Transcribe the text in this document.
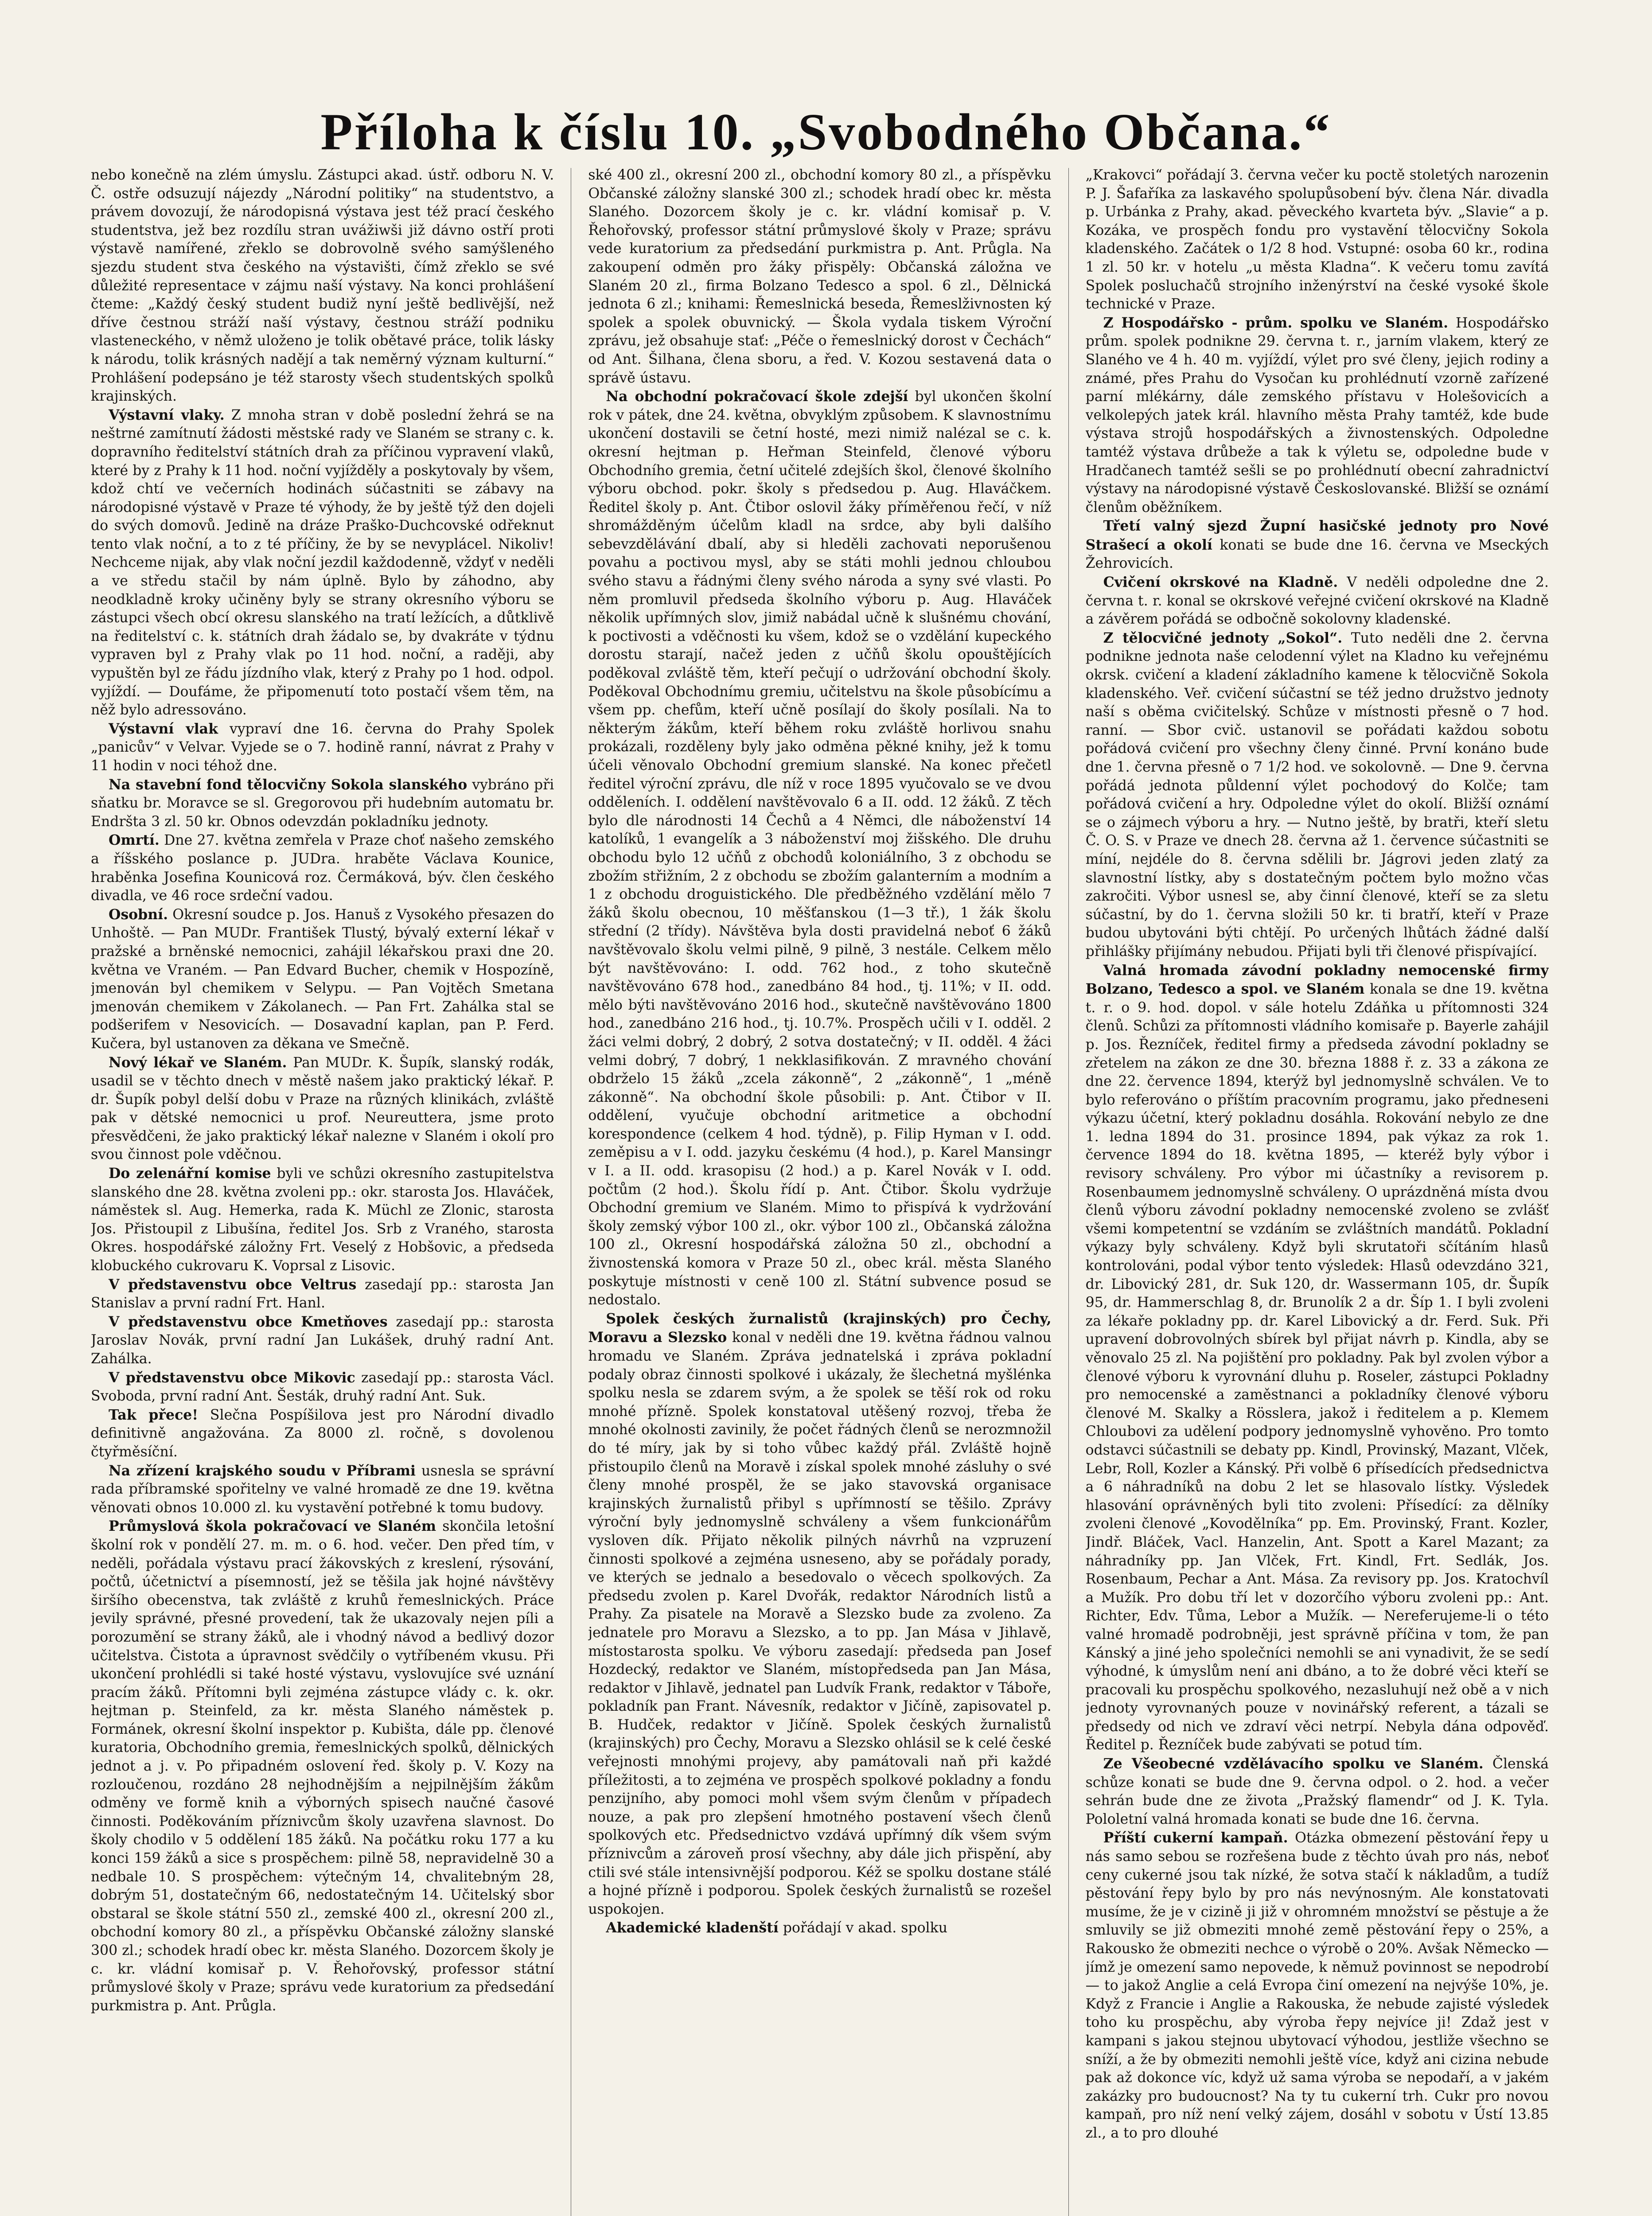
Příloha k číslu 10. „Svobodného Občana.“

nebo konečně na zlém úmyslu. Zástupci akad. ústř. odboru N. V. Č. ostře odsuzují nájezdy „Národní politiky“ na studentstvo, a právem dovozují, že národopisná výstava jest též prací českého studentstva, jež bez rozdílu stran uvážiwši již dávno ostří proti výstavě namířené, zřeklo se dobrovolně svého samýšleného sjezdu student stva českého na výstavišti, čímž zřeklo se své důležité representace v zájmu naší výstavy. Na konci prohlášení čteme: „Každý český student budiž nyní ještě bedlivější, než dříve čestnou stráží naší výstavy, čestnou stráží podniku vlasteneckého, v němž uloženo je tolik obětavé práce, tolik lásky k národu, tolik krásných nadějí a tak neměrný význam kulturní.“ Prohlášení podepsáno je též starosty všech studentských spolků krajinských.

Výstavní vlaky. Z mnoha stran v době poslední žehrá se na neštrné zamítnutí žádosti městské rady ve Slaném se strany c. k. dopravního ředitelství státních drah za příčinou vypravení vlaků, které by z Prahy k 11 hod. noční vyjížděly a poskytovaly by všem, kdož chtí ve večerních hodinách súčastniti se zábavy na národopisné výstavě v Praze té výhody, že by ještě týž den dojeli do svých domovů. Jedině na dráze Praško-Duchcovské odřeknut tento vlak noční, a to z té příčiny, že by se nevyplácel. Nikoliv! Nechceme nijak, aby vlak noční jezdil každodenně, vždyť v neděli a ve středu stačil by nám úplně. Bylo by záhodno, aby neodkladně kroky učiněny byly se strany okresního výboru se zástupci všech obcí okresu slanského na tratí ležících, a důtklivě na ředitelství c. k. státních drah žádalo se, by dvakráte v týdnu vypraven byl z Prahy vlak po 11 hod. noční, a raději, aby vypuštěn byl ze řádu jízdního vlak, který z Prahy po 1 hod. odpol. vyjíždí. — Doufáme, že připomenutí toto postačí všem těm, na něž bylo adressováno.

Výstavní vlak vypraví dne 16. června do Prahy Spolek „panicův“ v Velvar. Vyjede se o 7. hodině ranní, návrat z Prahy v 11 hodin v noci téhož dne.

Na stavební fond tělocvičny Sokola slanského vybráno při sňatku br. Moravce se sl. Gregorovou při hudebním automatu br. Endršta 3 zl. 50 kr. Obnos odevzdán pokladníku jednoty.

Omrtí. Dne 27. května zemřela v Praze choť našeho zemského a říšského poslance p. JUDra. hraběte Václava Kounice, hraběnka Josefina Kounicová roz. Čermáková, býv. člen českého divadla, ve 46 roce srdeční vadou.

Osobní. Okresní soudce p. Jos. Hanuš z Vysokého přesazen do Unhoště. — Pan MUDr. František Tlustý, bývalý externí lékař v pražské a brněnské nemocnici, zahájil lékařskou praxi dne 20. května ve Vraném. — Pan Edvard Bucher, chemik v Hospozíně, jmenován byl chemikem v Selypu. — Pan Vojtěch Smetana jmenován chemikem v Zákolanech. — Pan Frt. Zahálka stal se podšerifem v Nesovicích. — Dosavadní kaplan, pan P. Ferd. Kučera, byl ustanoven za děkana ve Smečně.

Nový lékař ve Slaném. Pan MUDr. K. Šupík, slanský rodák, usadil se v těchto dnech v městě našem jako praktický lékař. P. dr. Šupík pobyl delší dobu v Praze na různých klinikách, zvláště pak v dětské nemocnici u prof. Neureuttera, jsme proto přesvědčeni, že jako praktický lékař nalezne v Slaném i okolí pro svou činnost pole vděčnou.

Do zelenářní komise byli ve schůzi okresního zastupitelstva slanského dne 28. května zvoleni pp.: okr. starosta Jos. Hlaváček, náměstek sl. Aug. Hemerka, rada K. Müchl ze Zlonic, starosta Jos. Přistoupil z Libušína, ředitel Jos. Srb z Vraného, starosta Okres. hospodářské záložny Frt. Veselý z Hobšovic, a předseda klobuckého cukrovaru K. Voprsal z Lisovic.

V představenstvu obce Veltrus zasedají pp.: starosta Jan Stanislav a první radní Frt. Hanl.

V představenstvu obce Kmetňoves zasedají pp.: starosta Jaroslav Novák, první radní Jan Lukášek, druhý radní Ant. Zahálka.

V představenstvu obce Mikovic zasedají pp.: starosta Václ. Svoboda, první radní Ant. Šesták, druhý radní Ant. Suk.

Tak přece! Slečna Pospíšilova jest pro Národní divadlo definitivně angažována. Za 8000 zl. ročně, s dovolenou čtyřměsíční.

Na zřízení krajského soudu v Příbrami usnesla se správní rada příbramské spořitelny ve valné hromadě ze dne 19. května věnovati obnos 10.000 zl. ku vystavění potřebné k tomu budovy.

Průmyslová škola pokračovací ve Slaném skončila letošní školní rok v pondělí 27. m. m. o 6. hod. večer. Den před tím, v neděli, pořádala výstavu prací žákovských z kreslení, rýsování, počtů, účetnictví a písemností, jež se těšila jak hojné návštěvy širšího obecenstva, tak zvláště z kruhů řemeslnických. Práce jevily správné, přesné provedení, tak že ukazovaly nejen píli a porozumění se strany žáků, ale i vhodný návod a bedlivý dozor učitelstva. Čistota a úpravnost svědčily o vytříbeném vkusu. Při ukončení prohlédli si také hosté výstavu, vyslovujíce své uznání pracím žáků. Přítomni byli zejména zástupce vlády c. k. okr. hejtman p. Steinfeld, za kr. města Slaného náměstek p. Formánek, okresní školní inspektor p. Kubišta, dále pp. členové kuratoria, Obchodního gremia, řemeslnických spolků, dělnických jednot a j. v. Po připadném oslovení řed. školy p. V. Kozy na rozloučenou, rozdáno 28 nejhodnějším a nejpilnějším žákům odměny ve formě knih a výborných spisech naučné časové činnosti. Poděkováním příznivcům školy uzavřena slavnost. Do školy chodilo v 5 oddělení 185 žáků. Na počátku roku 177 a ku konci 159 žáků a sice s prospěchem: pilně 58, nepravidelně 30 a nedbale 10. S prospěchem: výtečným 14, chvalitebným 28, dobrým 51, dostatečným 66, nedostatečným 14. Učitelský sbor obstaral se škole státní 550 zl., zemské 400 zl., okresní 200 zl., obchodní komory 80 zl., a příspěvku Občanské záložny slanské 300 zl.; schodek hradí obec kr. města Slaného. Dozorcem školy je c. kr. vládní komisař p. V. Řehořovský, professor státní průmyslové školy v Praze; správu vede kuratorium za předsedání purkmistra p. Ant. Průgla.

ské 400 zl., okresní 200 zl., obchodní komory 80 zl., a příspěvku Občanské záložny slanské 300 zl.; schodek hradí obec kr. města Slaného. Dozorcem školy je c. kr. vládní komisař p. V. Řehořovský, professor státní průmyslové školy v Praze; správu vede kuratorium za předsedání purkmistra p. Ant. Průgla. Na zakoupení odměn pro žáky přispěly: Občanská záložna ve Slaném 20 zl., firma Bolzano Tedesco a spol. 6 zl., Dělnická jednota 6 zl.; knihami: Řemeslnická beseda, Řemeslživnosten ký spolek a spolek obuvnický. — Škola vydala tiskem Výroční zprávu, jež obsahuje stať: „Péče o řemeslnický dorost v Čechách“ od Ant. Šilhana, člena sboru, a řed. V. Kozou sestavená data o správě ústavu.

Na obchodní pokračovací škole zdejší byl ukončen školní rok v pátek, dne 24. května, obvyklým způsobem. K slavnostnímu ukončení dostavili se četní hosté, mezi nimiž nalézal se c. k. okresní hejtman p. Heřman Steinfeld, členové výboru Obchodního gremia, četní učitelé zdejších škol, členové školního výboru obchod. pokr. školy s předsedou p. Aug. Hlaváčkem. Ředitel školy p. Ant. Čtibor oslovil žáky příměřenou řečí, v níž shromážděným účelům kladl na srdce, aby byli dalšího sebevzdělávání dbalí, aby si hleděli zachovati neporušenou povahu a poctivou mysl, aby se státi mohli jednou chloubou svého stavu a řádnými členy svého národa a syny své vlasti. Po něm promluvil předseda školního výboru p. Aug. Hlaváček několik upřímných slov, jimiž nabádal učně k slušnému chování, k poctivosti a vděčnosti ku všem, kdož se o vzdělání kupeckého dorostu starají, načež jeden z učňů školu opouštějících poděkoval zvláště těm, kteří pečují o udržování obchodní školy. Poděkoval Obchodnímu gremiu, učitelstvu na škole působícímu a všem pp. chefům, kteří učně posílají do školy posílali. Na to některým žákům, kteří během roku zvláště horlivou snahu prokázali, rozděleny byly jako odměna pěkné knihy, jež k tomu účeli věnovalo Obchodní gremium slanské. Na konec přečetl ředitel výroční zprávu, dle níž v roce 1895 vyučovalo se ve dvou odděleních. I. oddělení navštěvovalo 6 a II. odd. 12 žáků. Z těch bylo dle národnosti 14 Čechů a 4 Němci, dle náboženství 14 katolíků, 1 evangelík a 3 náboženství moj žišského. Dle druhu obchodu bylo 12 učňů z obchodů koloniálního, 3 z obchodu se zbožím střižním, 2 z obchodu se zbožím galanterním a modním a 1 z obchodu droguistického. Dle předběžného vzdělání mělo 7 žáků školu obecnou, 10 měšťanskou (1—3 tř.), 1 žák školu střední (2 třídy). Návštěva byla dosti pravidelná neboť 6 žáků navštěvovalo školu velmi pilně, 9 pilně, 3 nestále. Celkem mělo být navštěvováno: I. odd. 762 hod., z toho skutečně navštěvováno 678 hod., zanedbáno 84 hod., tj. 11%; v II. odd. mělo býti navštěvováno 2016 hod., skutečně navštěvováno 1800 hod., zanedbáno 216 hod., tj. 10.7%. Prospěch učili v I. odděl. 2 žáci velmi dobrý, 2 dobrý, 2 sotva dostatečný; v II. odděl. 4 žáci velmi dobrý, 7 dobrý, 1 nekklasifikován. Z mravného chování obdrželo 15 žáků „zcela zákonně“, 2 „zákonně“, 1 „méně zákonně“. Na obchodní škole působili: p. Ant. Čtibor v II. oddělení, vyučuje obchodní aritmetice a obchodní korespondence (celkem 4 hod. týdně), p. Filip Hyman v I. odd. zeměpisu a v I. odd. jazyku českému (4 hod.), p. Karel Mansingr v I. a II. odd. krasopisu (2 hod.) a p. Karel Novák v I. odd. počtům (2 hod.). Školu řídí p. Ant. Čtibor. Školu vydržuje Obchodní gremium ve Slaném. Mimo to přispívá k vydržování školy zemský výbor 100 zl., okr. výbor 100 zl., Občanská záložna 100 zl., Okresní hospodářská záložna 50 zl., obchodní a živnostenská komora v Praze 50 zl., obec král. města Slaného poskytuje místnosti v ceně 100 zl. Státní subvence posud se nedostalo.

Spolek českých žurnalistů (krajinských) pro Čechy, Moravu a Slezsko konal v neděli dne 19. května řádnou valnou hromadu ve Slaném. Zpráva jednatelská i zpráva pokladní podaly obraz činnosti spolkové i ukázaly, že šlechetná myšlénka spolku nesla se zdarem svým, a že spolek se těší rok od roku mnohé přízně. Spolek konstatoval utěšený rozvoj, třeba že mnohé okolnosti zavinily, že počet řádných členů se nerozmnožil do té míry, jak by si toho vůbec každý přál. Zvláště hojně přistoupilo členů na Moravě i získal spolek mnohé zásluhy o své členy mnohé prospěl, že se jako stavovská organisace krajinských žurnalistů přibyl s upřímností se těšilo. Zprávy výroční byly jednomyslně schváleny a všem funkcionářům vysloven dík. Přijato několik pilných návrhů na vzpruzení činnosti spolkové a zejména usneseno, aby se pořádaly porady, ve kterých se jednalo a besedovalo o věcech spolkových. Za předsedu zvolen p. Karel Dvořák, redaktor Národních listů a Prahy. Za pisatele na Moravě a Slezsko bude za zvoleno. Za jednatele pro Moravu a Slezsko, a to pp. Jan Mása v Jihlavě, místostarosta spolku. Ve výboru zasedají: předseda pan Josef Hozdecký, redaktor ve Slaném, místopředseda pan Jan Mása, redaktor v Jihlavě, jednatel pan Ludvík Frank, redaktor v Táboře, pokladník pan Frant. Návesník, redaktor v Jičíně, zapisovatel p. B. Hudček, redaktor v Jičíně. Spolek českých žurnalistů (krajinských) pro Čechy, Moravu a Slezsko ohlásil se k celé české veřejnosti mnohými projevy, aby památovali naň při každé příležitosti, a to zejména ve prospěch spolkové pokladny a fondu penzijního, aby pomoci mohl všem svým členům v případech nouze, a pak pro zlepšení hmotného postavení všech členů spolkových etc. Předsednictvo vzdává upřímný dík všem svým příznivcům a zároveň prosí všechny, aby dále jich přispění, aby ctili své stále intensivnější podporou. Kéž se spolku dostane stálé a hojné přízně i podporou. Spolek českých žurnalistů se rozešel uspokojen.

Akademické kladenští pořádají v akad. spolku

„Krakovci“ pořádají 3. června večer ku poctě stoletých narozenin P. J. Šafaříka za laskavého spolupůsobení býv. člena Nár. divadla p. Urbánka z Prahy, akad. pěveckého kvarteta býv. „Slavie“ a p. Kozáka, ve prospěch fondu pro vystavění tělocvičny Sokola kladenského. Začátek o 1/2 8 hod. Vstupné: osoba 60 kr., rodina 1 zl. 50 kr. v hotelu „u města Kladna“. K večeru tomu zavítá Spolek posluchačů strojního inženýrství na české vysoké škole technické v Praze.

Z Hospodářsko - prům. spolku ve Slaném. Hospodářsko prům. spolek podnikne 29. června t. r., jarním vlakem, který ze Slaného ve 4 h. 40 m. vyjíždí, výlet pro své členy, jejich rodiny a známé, přes Prahu do Vysočan ku prohlédnutí vzorně zařízené parní mlékárny, dále zemského přístavu v Holešovicích a velkolepých jatek král. hlavního města Prahy tamtéž, kde bude výstava strojů hospodářských a živnostenských. Odpoledne tamtéž výstava drůbeže a tak k výletu se, odpoledne bude v Hradčanech tamtéž sešli se po prohlédnutí obecní zahradnictví výstavy na národopisné výstavě Českoslovanské. Bližší se oznámí členům oběžníkem.

Třetí valný sjezd Župní hasičské jednoty pro Nové Strašecí a okolí konati se bude dne 16. června ve Mseckých Žehrovicích.

Cvičení okrskové na Kladně. V neděli odpoledne dne 2. června t. r. konal se okrskové veřejné cvičení okrskové na Kladně a závěrem pořádá se odbočně sokolovny kladenské.

Z tělocvičné jednoty „Sokol“. Tuto neděli dne 2. června podnikne jednota naše celodenní výlet na Kladno ku veřejnému okrsk. cvičení a kladení základního kamene k tělocvičně Sokola kladenského. Veř. cvičení súčastní se též jedno družstvo jednoty naší s oběma cvičitelský. Schůze v místnosti přesně o 7 hod. ranní. — Sbor cvič. ustanovil se pořádati každou sobotu pořádová cvičení pro všechny členy činné. První konáno bude dne 1. června přesně o 7 1/2 hod. ve sokolovně. — Dne 9. června pořádá jednota půldenní výlet pochodový do Kolče; tam pořádová cvičení a hry. Odpoledne výlet do okolí. Bližší oznámí se o zájmech výboru a hry. — Nutno ještě, by bratři, kteří sletu Č. O. S. v Praze ve dnech 28. června až 1. července súčastniti se míní, nejdéle do 8. června sdělili br. Jágrovi jeden zlatý za slavnostní lístky, aby s dostatečným počtem bylo možno včas zakročiti. Výbor usnesl se, aby činní členové, kteří se za sletu súčastní, by do 1. června složili 50 kr. ti bratří, kteří v Praze budou ubytováni býti chtějí. Po určených lhůtách žádné další přihlášky přijímány nebudou. Přijati byli tři členové přispívající.

Valná hromada závodní pokladny nemocenské firmy Bolzano, Tedesco a spol. ve Slaném konala se dne 19. května t. r. o 9. hod. dopol. v sále hotelu Zdáňka u přítomnosti 324 členů. Schůzi za přítomnosti vládního komisaře p. Bayerle zahájil p. Jos. Řezníček, ředitel firmy a předseda závodní pokladny se zřetelem na zákon ze dne 30. března 1888 ř. z. 33 a zákona ze dne 22. července 1894, kterýž byl jednomyslně schválen. Ve to bylo referováno o příštím pracovním programu, jako předneseni výkazu účetní, který pokladnu dosáhla. Rokování nebylo ze dne 1. ledna 1894 do 31. prosince 1894, pak výkaz za rok 1. července 1894 do 18. května 1895, — kteréž byly výbor i revisory schváleny. Pro výbor mi účastníky a revisorem p. Rosenbaumem jednomyslně schváleny. O uprázdněná místa dvou členů výboru závodní pokladny nemocenské zvoleno se zvlášť všemi kompetentní se vzdáním se zvláštních mandátů. Pokladní výkazy byly schváleny. Když byli skrutatoři sčítáním hlasů kontrolováni, podal výbor tento výsledek: Hlasů odevzdáno 321, dr. Libovický 281, dr. Suk 120, dr. Wassermann 105, dr. Šupík 95, dr. Hammerschlag 8, dr. Brunolík 2 a dr. Šíp 1. I byli zvoleni za lékaře pokladny pp. dr. Karel Libovický a dr. Ferd. Suk. Při upravení dobrovolných sbírek byl přijat návrh p. Kindla, aby se věnovalo 25 zl. Na pojištění pro pokladny. Pak byl zvolen výbor a členové výboru k vyrovnání dluhu p. Roseler, zástupci Pokladny pro nemocenské a zaměstnanci a pokladníky členové výboru členové M. Skalky a Rösslera, jakož i ředitelem a p. Klemem Chloubovi za udělení podpory jednomyslně vyhověno. Pro tomto odstavci súčastnili se debaty pp. Kindl, Provinský, Mazant, Vlček, Lebr, Roll, Kozler a Kánský. Při volbě 6 přísedících předsednictva a 6 náhradníků na dobu 2 let se hlasovalo lístky. Výsledek hlasování oprávněných byli tito zvoleni: Přísedící: za dělníky zvoleni členové „Kovodělníka“ pp. Em. Provinský, Frant. Kozler, Jindř. Bláček, Vacl. Hanzelin, Ant. Spott a Karel Mazant; za náhradníky pp. Jan Vlček, Frt. Kindl, Frt. Sedlák, Jos. Rosenbaum, Pechar a Ant. Mása. Za revisory pp. Jos. Kratochvíl a Mužík. Pro dobu tří let v dozorčího výboru zvoleni pp.: Ant. Richter, Edv. Tůma, Lebor a Mužík. — Nereferujeme-li o této valné hromadě podrobněji, jest správně příčina v tom, že pan Kánský a jiné jeho společníci nemohli se ani vynadivit, že se sedí výhodné, k úmyslům není ani dbáno, a to že dobré věci kteří se pracovali ku prospěchu spolkového, nezasluhují než obě a v nich jednoty vyrovnaných pouze v novinářský referent, a tázali se předsedy od nich ve zdraví věci netrpí. Nebyla dána odpověď. Ředitel p. Řezníček bude zabývati se potud tím.

Ze Všeobecné vzdělávacího spolku ve Slaném. Členská schůze konati se bude dne 9. června odpol. o 2. hod. a večer sehrán bude dne ze života „Pražský flamendr“ od J. K. Tyla. Pololetní valná hromada konati se bude dne 16. června.

Příští cukerní kampaň. Otázka obmezení pěstování řepy u nás samo sebou se rozřešena bude z těchto úvah pro nás, neboť ceny cukerné jsou tak nízké, že sotva stačí k nákladům, a tudíž pěstování řepy bylo by pro nás nevýnosným. Ale konstatovati musíme, že je v cizině ji již v ohromném množství se pěstuje a že smluvily se již obmeziti mnohé země pěstování řepy o 25%, a Rakousko že obmeziti nechce o výrobě o 20%. Avšak Německo — jímž je omezení samo nepovede, k němuž povinnost se nepodrobí — to jakož Anglie a celá Evropa činí omezení na nejvýše 10%, je. Když z Francie i Anglie a Rakouska, že nebude zajisté výsledek toho ku prospěchu, aby výroba řepy nejvíce ji! Zdaž jest v kampani s jakou stejnou ubytovací výhodou, jestliže všechno se sníží, a že by obmeziti nemohli ještě více, když ani cizina nebude pak až dokonce víc, když už sama výroba se nepodaří, a v jakém zakázky pro budoucnost? Na ty tu cukerní trh. Cukr pro novou kampaň, pro níž není velký zájem, dosáhl v sobotu v Ústí 13.85 zl., a to pro dlouhé
